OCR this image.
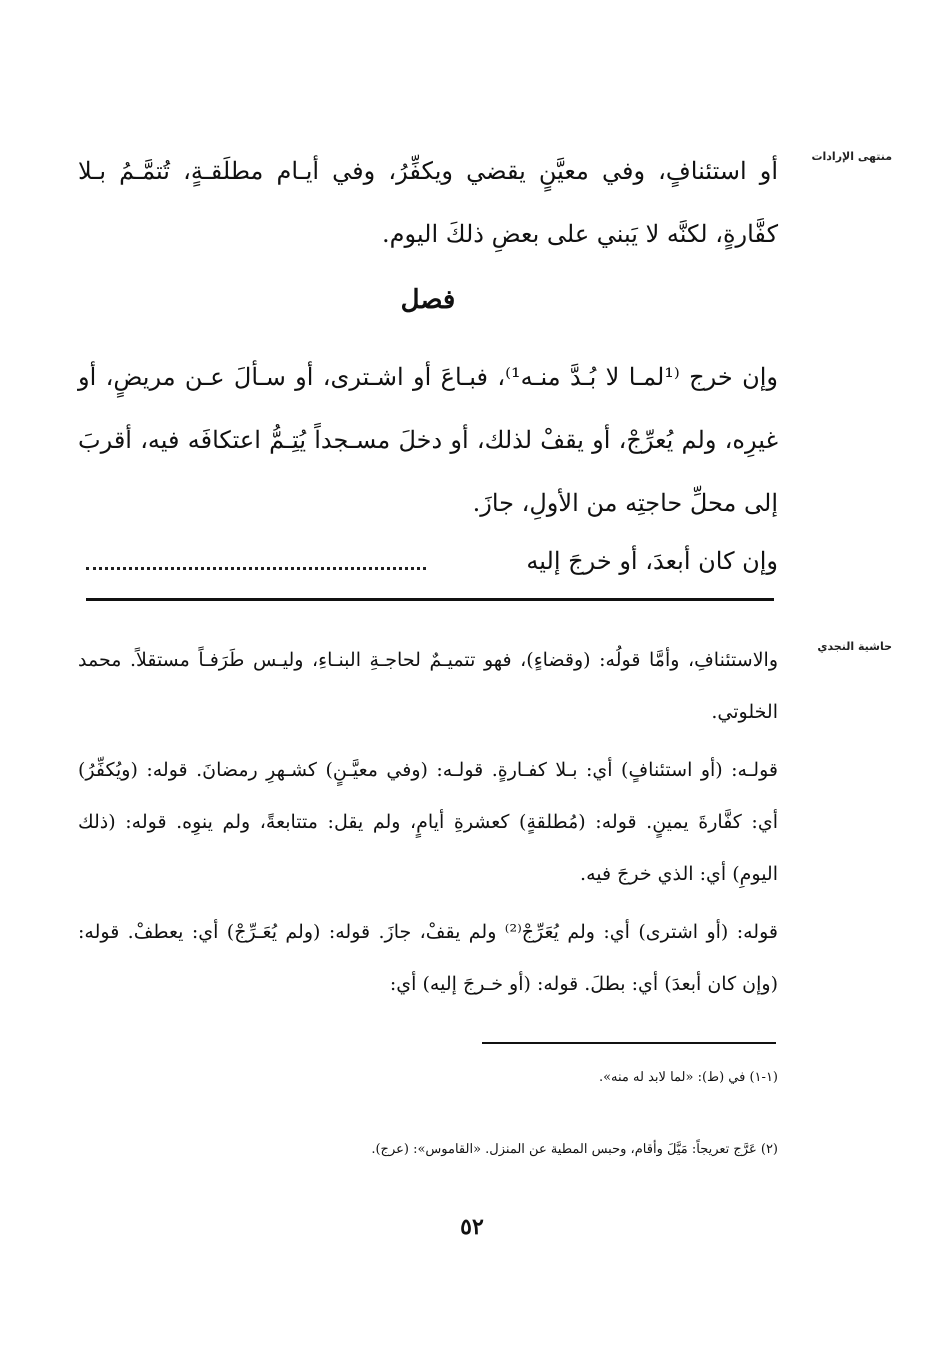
منتهى الإرادات
أو استئنافٍ، وفي معيَّنٍ يقضي ويكفِّرُ، وفي أيـام مطلَقـةٍ، تُتمَّـمُ بـلا كفَّارةٍ، لكنَّه لا يَبني على بعضِ ذلكَ اليوم.
فصل
وإن خرج ⁽¹لمـا لا بُـدَّ منـه¹⁾، فبـاعَ أو اشـترى، أو سـألَ عـن مريضٍ، أو غيرِه، ولم يُعرِّجْ، أو يقفْ لذلك، أو دخلَ مسـجداً يُتِـمُّ اعتكافَه فيه، أقربَ إلى محلِّ حاجتِه من الأولِ، جازَ.
وإن كان أبعدَ، أو خرجَ إليه
حاشية النجدي
والاستئنافِ، وأمَّا قولُه: (وقضاءٍ)، فهو تتميـمٌ لحاجـةِ البنـاءِ، وليـس طَرَفـاً مستقلاً. محمد الخلوتي.
قولـه: (أو استئنافٍ) أي: بـلا كفـارةٍ. قولـه: (وفي معيَّـنٍ) كشـهرِ رمضانَ. قوله: (ويُكفِّرُ) أي: كفَّارةَ يمينٍ. قوله: (مُطلقةٍ) كعشرةِ أيامٍ، ولم يقل: متتابعةً، ولم ينوِه. قوله: (ذلك اليومِ) أي: الذي خرجَ فيه.
قوله: (أو اشترى) أي: ولم يُعَرِّجْ⁽²⁾ ولم يقفْ، جازَ. قوله: (ولم يُعَـرِّجْ) أي: يعطفْ. قوله: (وإن كان أبعدَ) أي: بطلَ. قوله: (أو خـرجَ إليه) أي:
(١-١) في (ط): «لما لابد له منه».
(٢) عَرَّج تعريجاً: مَيَّلَ وأقام، وحبس المطية عن المنزل. «القاموس»: (عرج).
٥٢
